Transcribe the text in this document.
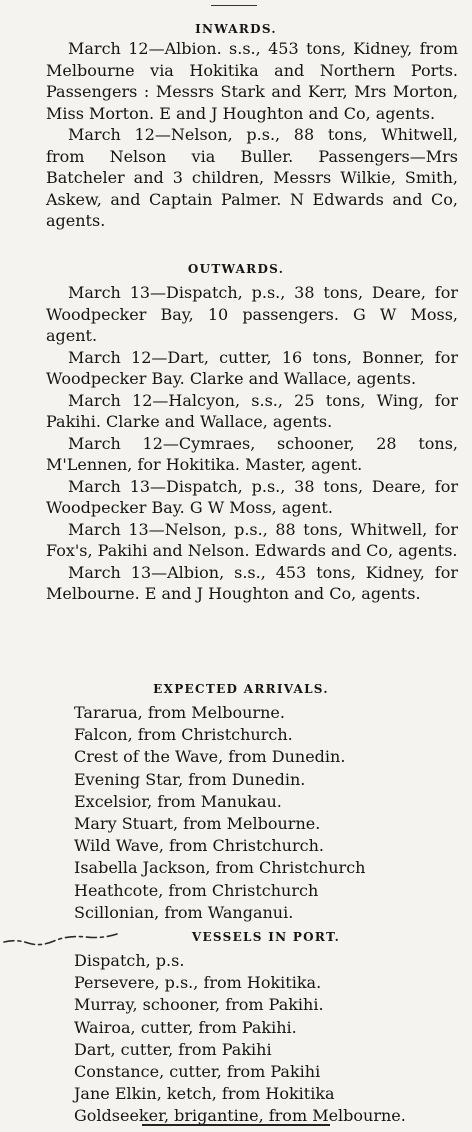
INWARDS.

March 12—Albion. s.s., 453 tons, Kidney, from Melbourne via Hokitika and Northern Ports. Passengers : Messrs Stark and Kerr, Mrs Morton, Miss Morton. E and J Houghton and Co, agents.

March 12—Nelson, p.s., 88 tons, Whitwell, from Nelson via Buller. Passengers—Mrs Batcheler and 3 children, Messrs Wilkie, Smith, Askew, and Captain Palmer. N Edwards and Co, agents.

OUTWARDS.

March 13—Dispatch, p.s., 38 tons, Deare, for Woodpecker Bay, 10 passengers. G W Moss, agent.

March 12—Dart, cutter, 16 tons, Bonner, for Woodpecker Bay. Clarke and Wallace, agents.

March 12—Halcyon, s.s., 25 tons, Wing, for Pakihi. Clarke and Wallace, agents.

March 12—Cymraes, schooner, 28 tons, M'Lennen, for Hokitika. Master, agent.

March 13—Dispatch, p.s., 38 tons, Deare, for Woodpecker Bay. G W Moss, agent.

March 13—Nelson, p.s., 88 tons, Whitwell, for Fox's, Pakihi and Nelson. Edwards and Co, agents.

March 13—Albion, s.s., 453 tons, Kidney, for Melbourne. E and J Houghton and Co, agents.

EXPECTED ARRIVALS.
Tararua, from Melbourne.
Falcon, from Christchurch.
Crest of the Wave, from Dunedin.
Evening Star, from Dunedin.
Excelsior, from Manukau.
Mary Stuart, from Melbourne.
Wild Wave, from Christchurch.
Isabella Jackson, from Christchurch
Heathcote, from Christchurch
Scillonian, from Wanganui.
VESSELS IN PORT.
Dispatch, p.s.
Persevere, p.s., from Hokitika.
Murray, schooner, from Pakihi.
Wairoa, cutter, from Pakihi.
Dart, cutter, from Pakihi
Constance, cutter, from Pakihi
Jane Elkin, ketch, from Hokitika
Goldseeker, brigantine, from Melbourne.
